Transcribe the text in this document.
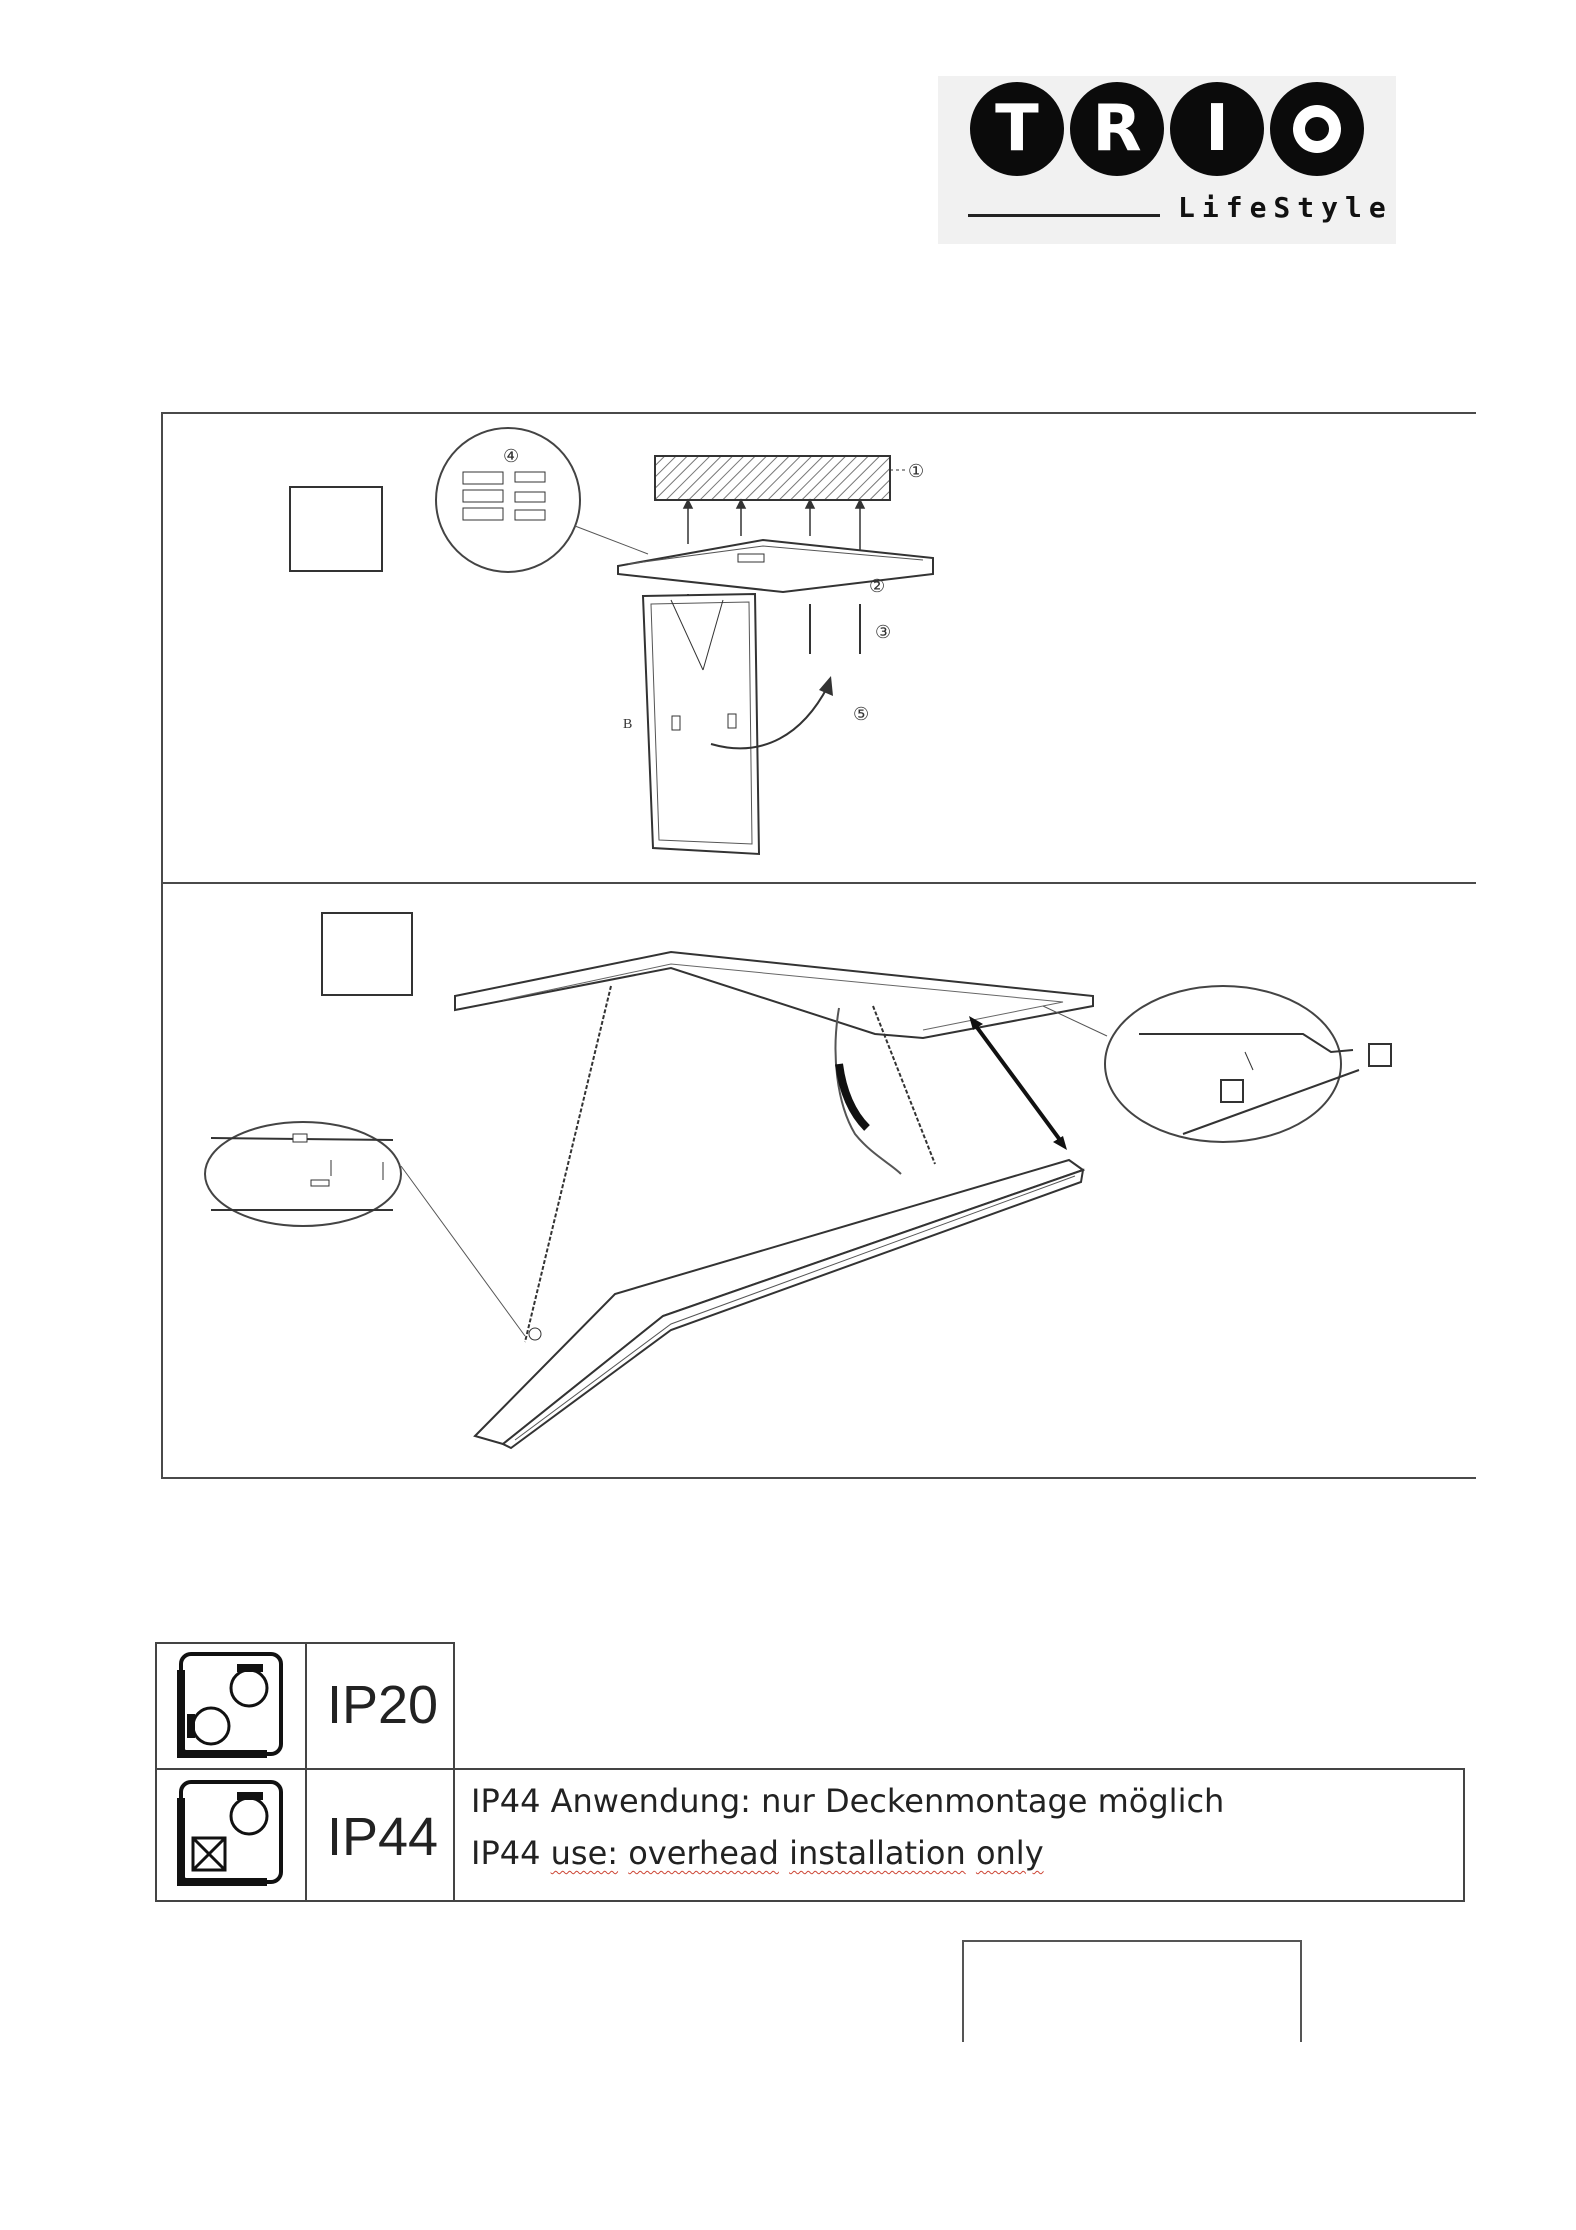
T R I
LifeStyle
④
①
②
③
⑤
B
IP20
IP44
IP44 Anwendung: nur Deckenmontage möglich
IP44 use: overhead installation only
